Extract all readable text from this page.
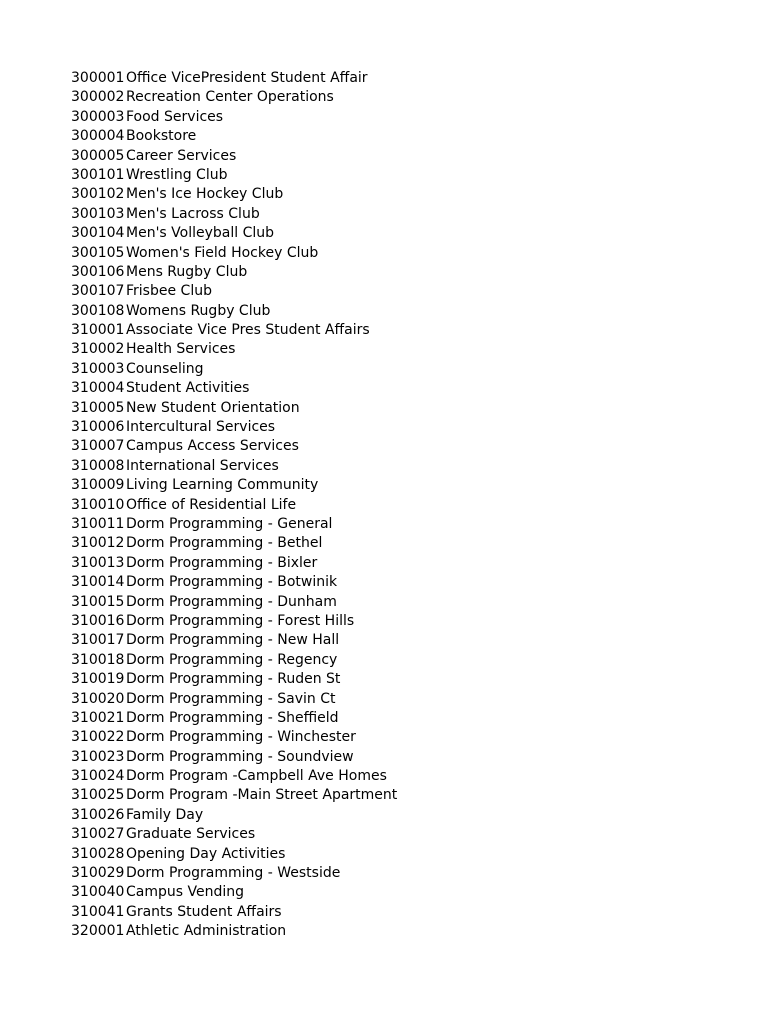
300001 Office VicePresident Student Affair
300002 Recreation Center Operations
300003 Food Services
300004 Bookstore
300005 Career Services
300101 Wrestling Club
300102 Men's Ice Hockey Club
300103 Men's Lacross Club
300104 Men's Volleyball Club
300105 Women's Field Hockey Club
300106 Mens Rugby Club
300107 Frisbee Club
300108 Womens Rugby Club
310001 Associate Vice Pres Student Affairs
310002 Health Services
310003 Counseling
310004 Student Activities
310005 New Student Orientation
310006 Intercultural Services
310007 Campus Access Services
310008 International Services
310009 Living Learning Community
310010 Office of Residential Life
310011 Dorm Programming - General
310012 Dorm Programming - Bethel
310013 Dorm Programming - Bixler
310014 Dorm Programming - Botwinik
310015 Dorm Programming - Dunham
310016 Dorm Programming - Forest Hills
310017 Dorm Programming - New Hall
310018 Dorm Programming - Regency
310019 Dorm Programming - Ruden St
310020 Dorm Programming - Savin Ct
310021 Dorm Programming - Sheffield
310022 Dorm Programming - Winchester
310023 Dorm Programming - Soundview
310024 Dorm Program -Campbell Ave Homes
310025 Dorm Program -Main Street Apartment
310026 Family Day
310027 Graduate Services
310028 Opening Day Activities
310029 Dorm Programming - Westside
310040 Campus Vending
310041 Grants Student Affairs
320001 Athletic Administration
